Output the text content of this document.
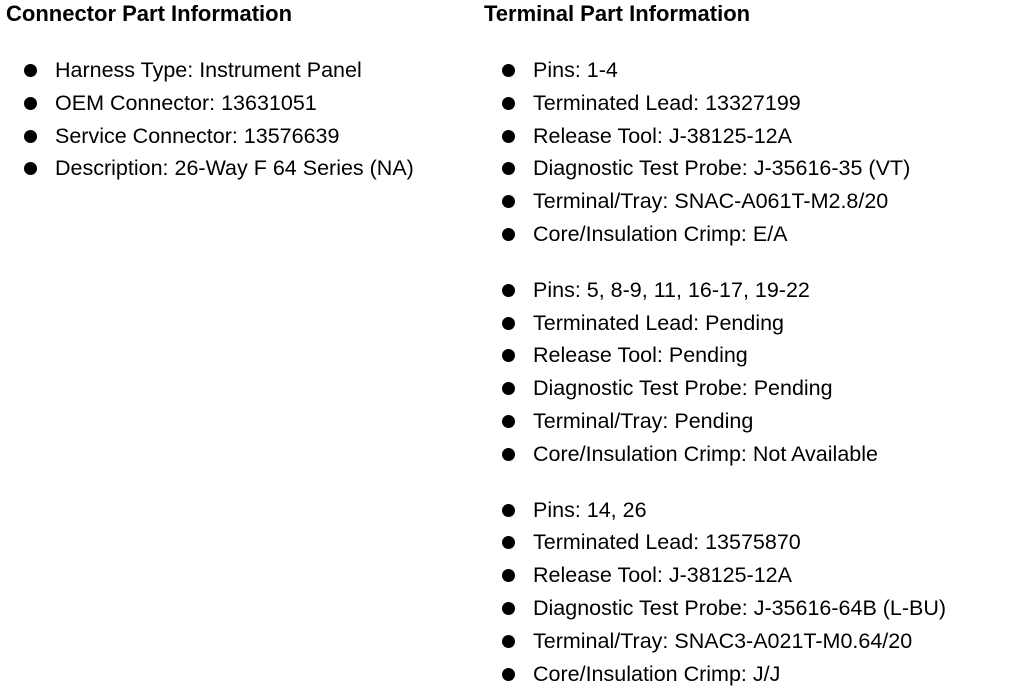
Connector Part Information
Harness Type: Instrument Panel
OEM Connector: 13631051
Service Connector: 13576639
Description: 26-Way F 64 Series (NA)
Terminal Part Information
Pins: 1-4
Terminated Lead: 13327199
Release Tool: J-38125-12A
Diagnostic Test Probe: J-35616-35 (VT)
Terminal/Tray: SNAC-A061T-M2.8/20
Core/Insulation Crimp: E/A
Pins: 5, 8-9, 11, 16-17, 19-22
Terminated Lead: Pending
Release Tool: Pending
Diagnostic Test Probe: Pending
Terminal/Tray: Pending
Core/Insulation Crimp: Not Available
Pins: 14, 26
Terminated Lead: 13575870
Release Tool: J-38125-12A
Diagnostic Test Probe: J-35616-64B (L-BU)
Terminal/Tray: SNAC3-A021T-M0.64/20
Core/Insulation Crimp: J/J
